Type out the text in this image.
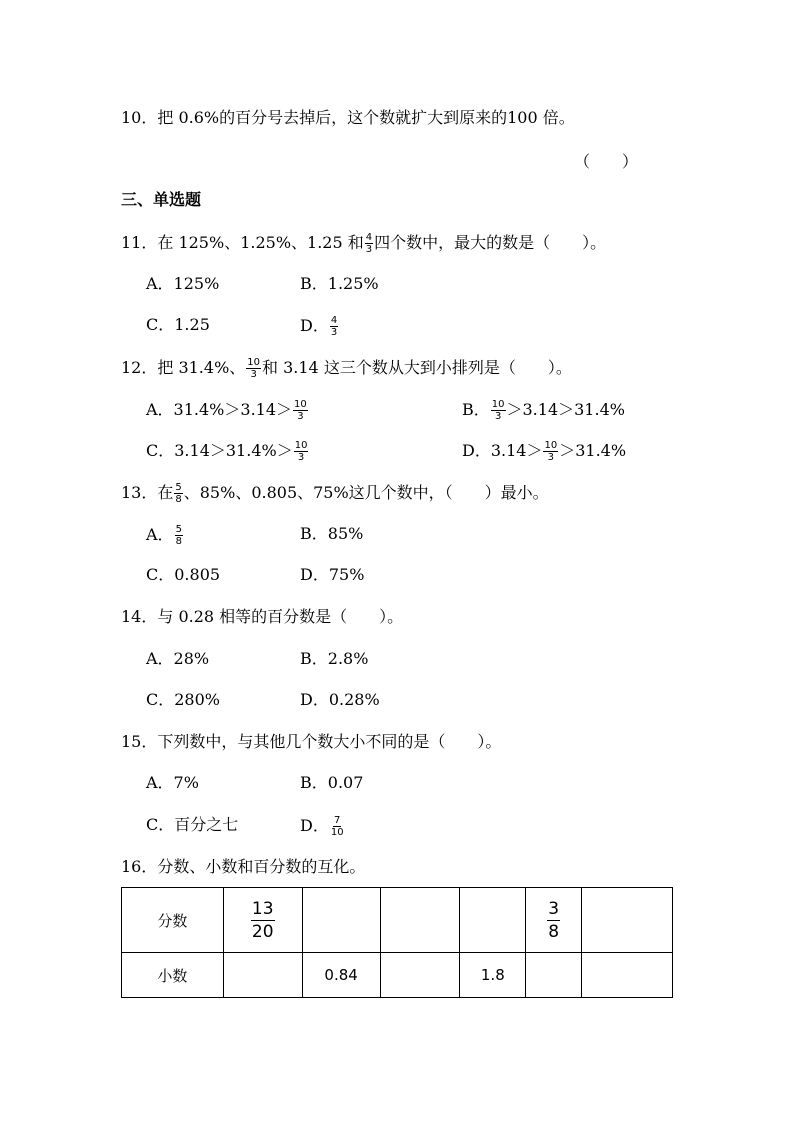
10．把 0.6%的百分号去掉后，这个数就扩大到原来的100 倍。
（　　）
三、单选题
11．在 125%、1.25%、1.25 和 $\frac{4}{3}$ 四个数中，最大的数是（　　）。
A．125%	B．1.25%
C．1.25	D． $\frac{4}{3}$
12．把 31.4%、 $\frac{10}{3}$ 和 3.14 这三个数从大到小排列是（　　）。
A．$31.4\%>3.14> \frac{10}{3}$	B． $\frac{10}{3} >3.14>31.4\%$
C．$3.14>31.4\%> \frac{10}{3}$	D．$3.14> \frac{10}{3} >31.4\%$
13．在 $\frac{5}{8}$ 、85%、0.805、75%这几个数中，（　　）最小。
A． $\frac{5}{8}$	B．85%
C．0.805	D．75%
14．与 0.28 相等的百分数是（　　）。
A．28%	B．2.8%
C．280%	D．0.28%
15．下列数中，与其他几个数大小不同的是（　　）。
A．7%	B．0.07
C．百分之七	D． $\frac{7}{10}$
16．分数、小数和百分数的互化。
分数	$\frac{13}{20}$				$\frac{3}{8}$

小数		0.84		1.8		
